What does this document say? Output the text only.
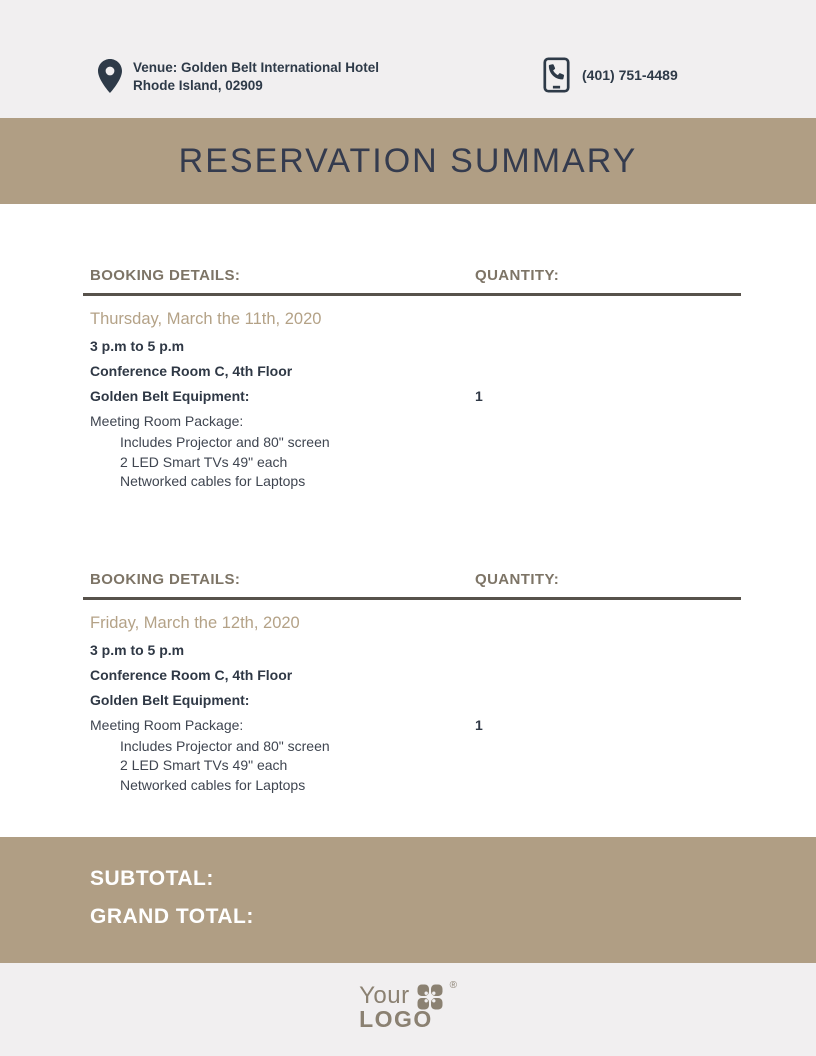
Venue: Golden Belt International Hotel
Rhode Island, 02909
(401) 751-4489
RESERVATION SUMMARY
BOOKING DETAILS:	QUANTITY:
Thursday, March the 11th, 2020
3 p.m to 5 p.m
Conference Room C, 4th Floor
Golden Belt Equipment:	1
Meeting Room Package:
Includes Projector and 80" screen
2 LED Smart TVs 49" each
Networked cables for Laptops
BOOKING DETAILS:	QUANTITY:
Friday, March the 12th, 2020
3 p.m to 5 p.m
Conference Room C, 4th Floor
Golden Belt Equipment:
Meeting Room Package:	1
Includes Projector and 80" screen
2 LED Smart TVs 49" each
Networked cables for Laptops
SUBTOTAL:
GRAND TOTAL:
Your	®
LOGO
